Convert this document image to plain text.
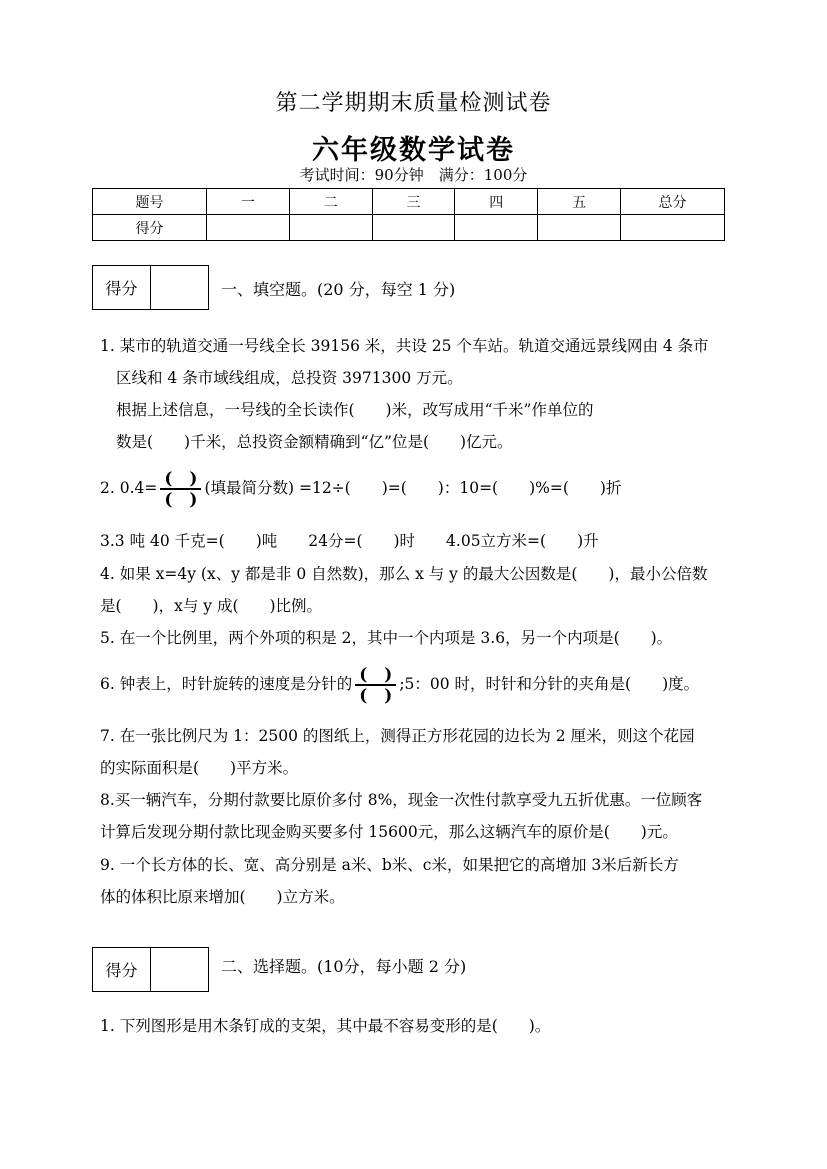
第二学期期末质量检测试卷
六年级数学试卷
考试时间：90分钟　满分：100分
题号	一	二	三	四	五	总分
得分						
得分	一、填空题。(20 分，每空 1 分)
1. 某市的轨道交通一号线全长 39156 米，共设 25 个车站。轨道交通远景线网由 4 条市
区线和 4 条市域线组成，总投资 3971300 万元。
根据上述信息，一号线的全长读作(　　)米，改写成用“千米”作单位的
数是(　　)千米，总投资金额精确到“亿”位是(　　)亿元。
2. $0.4= \frac{( )}{( )}$ (填最简分数) =12÷(　　)=(　　)：10=(　　)%=(　　)折
3.3 吨 40 千克=(　　)吨　　24分=(　　)时　　4.05立方米=(　　)升
4. 如果 x=4y (x、y 都是非 0 自然数)，那么 x 与 y 的最大公因数是(　　)，最小公倍数
是(　　)，x与 y 成(　　)比例。
5. 在一个比例里，两个外项的积是 2，其中一个内项是 3.6，另一个内项是(　　)。
6. 钟表上，时针旋转的速度是分针的 $\frac{( )}{( )}$ ;5：00 时，时针和分针的夹角是(　　)度。
7. 在一张比例尺为 1：2500 的图纸上，测得正方形花园的边长为 2 厘米，则这个花园
的实际面积是(　　)平方米。
8.买一辆汽车，分期付款要比原价多付 8%，现金一次性付款享受九五折优惠。一位顾客
计算后发现分期付款比现金购买要多付 15600元，那么这辆汽车的原价是(　　)元。
9. 一个长方体的长、宽、高分别是 a米、b米、c米，如果把它的高增加 3米后新长方
体的体积比原来增加(　　)立方米。
得分	二、选择题。(10分，每小题 2 分)
1. 下列图形是用木条钉成的支架，其中最不容易变形的是(　　)。
